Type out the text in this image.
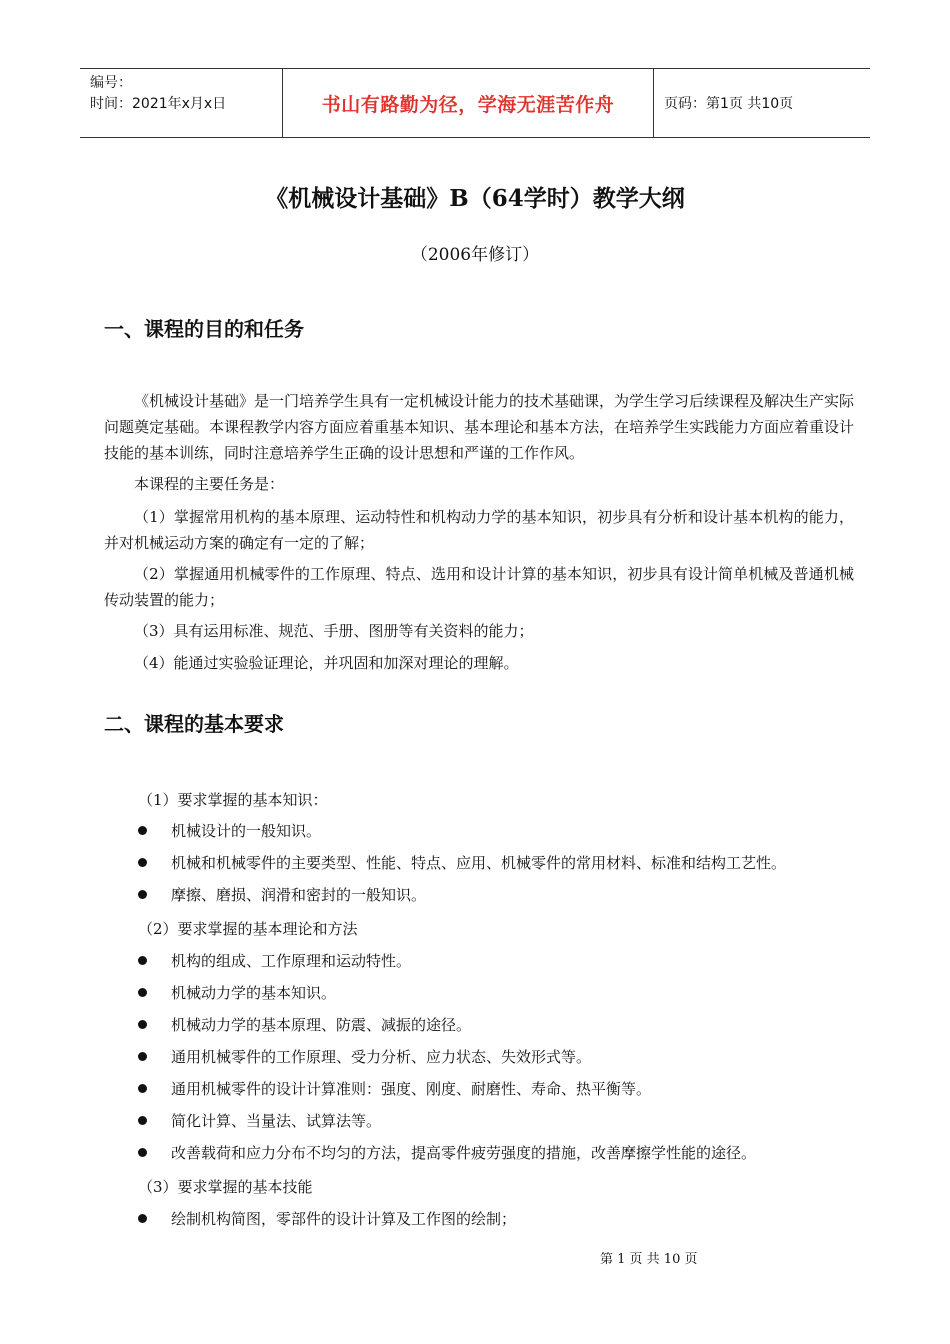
编号：
时间：2021年x月x日	书山有路勤为径，学海无涯苦作舟	页码：第1页 共10页
《机械设计基础》B（64学时）教学大纲
（2006年修订）
一、课程的目的和任务

《机械设计基础》是一门培养学生具有一定机械设计能力的技术基础课，为学生学习后续课程及解决生产实际问题奠定基础。本课程教学内容方面应着重基本知识、基本理论和基本方法，在培养学生实践能力方面应着重设计技能的基本训练，同时注意培养学生正确的设计思想和严谨的工作作风。

本课程的主要任务是：

（1）掌握常用机构的基本原理、运动特性和机构动力学的基本知识，初步具有分析和设计基本机构的能力，并对机械运动方案的确定有一定的了解；

（2）掌握通用机械零件的工作原理、特点、选用和设计计算的基本知识，初步具有设计简单机械及普通机械传动装置的能力；

（3）具有运用标准、规范、手册、图册等有关资料的能力；

（4）能通过实验验证理论，并巩固和加深对理论的理解。

二、课程的基本要求
（1）要求掌握的基本知识：
机械设计的一般知识。
机械和机械零件的主要类型、性能、特点、应用、机械零件的常用材料、标准和结构工艺性。
摩擦、磨损、润滑和密封的一般知识。
（2）要求掌握的基本理论和方法
机构的组成、工作原理和运动特性。
机械动力学的基本知识。
机械动力学的基本原理、防震、减振的途径。
通用机械零件的工作原理、受力分析、应力状态、失效形式等。
通用机械零件的设计计算准则：强度、刚度、耐磨性、寿命、热平衡等。
简化计算、当量法、试算法等。
改善载荷和应力分布不均匀的方法，提高零件疲劳强度的措施，改善摩擦学性能的途径。
（3）要求掌握的基本技能
绘制机构简图，零部件的设计计算及工作图的绘制；
第 1 页 共 10 页
